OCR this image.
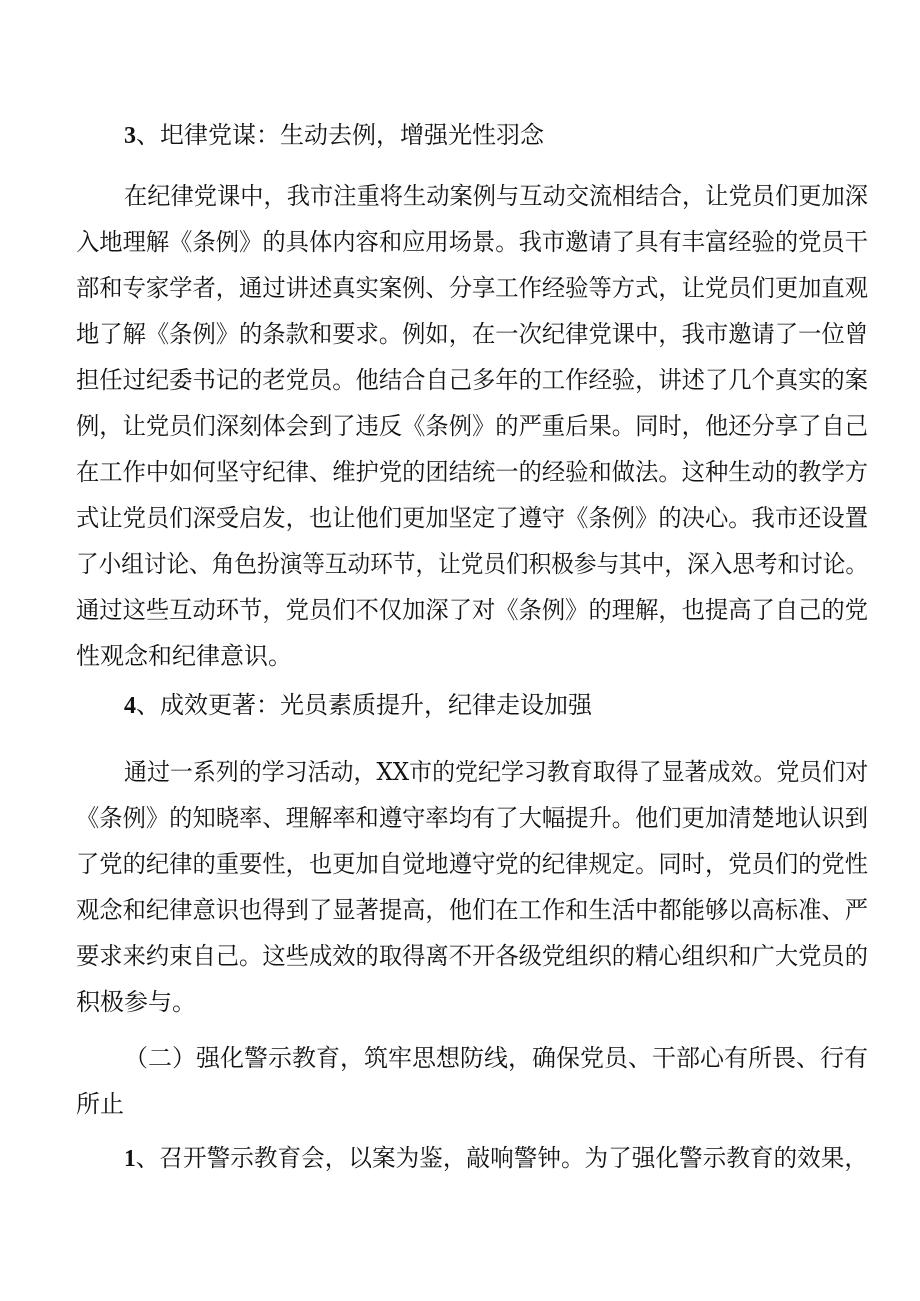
3、圯律党谋：生动去例，增强光性羽念
在纪律党课中，我市注重将生动案例与互动交流相结合，让党员们更加深
入地理解《条例》的具体内容和应用场景。我市邀请了具有丰富经验的党员干
部和专家学者，通过讲述真实案例、分享工作经验等方式，让党员们更加直观
地了解《条例》的条款和要求。例如，在一次纪律党课中，我市邀请了一位曾
担任过纪委书记的老党员。他结合自己多年的工作经验，讲述了几个真实的案
例，让党员们深刻体会到了违反《条例》的严重后果。同时，他还分享了自己
在工作中如何坚守纪律、维护党的团结统一的经验和做法。这种生动的教学方
式让党员们深受启发，也让他们更加坚定了遵守《条例》的决心。我市还设置
了小组讨论、角色扮演等互动环节，让党员们积极参与其中，深入思考和讨论。
通过这些互动环节，党员们不仅加深了对《条例》的理解，也提高了自己的党
性观念和纪律意识。
4、成效更著：光员素质提升，纪律走设加强
通过一系列的学习活动，XX市的党纪学习教育取得了显著成效。党员们对
《条例》的知晓率、理解率和遵守率均有了大幅提升。他们更加清楚地认识到
了党的纪律的重要性，也更加自觉地遵守党的纪律规定。同时，党员们的党性
观念和纪律意识也得到了显著提高，他们在工作和生活中都能够以高标准、严
要求来约束自己。这些成效的取得离不开各级党组织的精心组织和广大党员的
积极参与。
（二）强化警示教育，筑牢思想防线，确保党员、干部心有所畏、行有
所止
1、召开警示教育会，以案为鉴，敲响警钟。为了强化警示教育的效果，
